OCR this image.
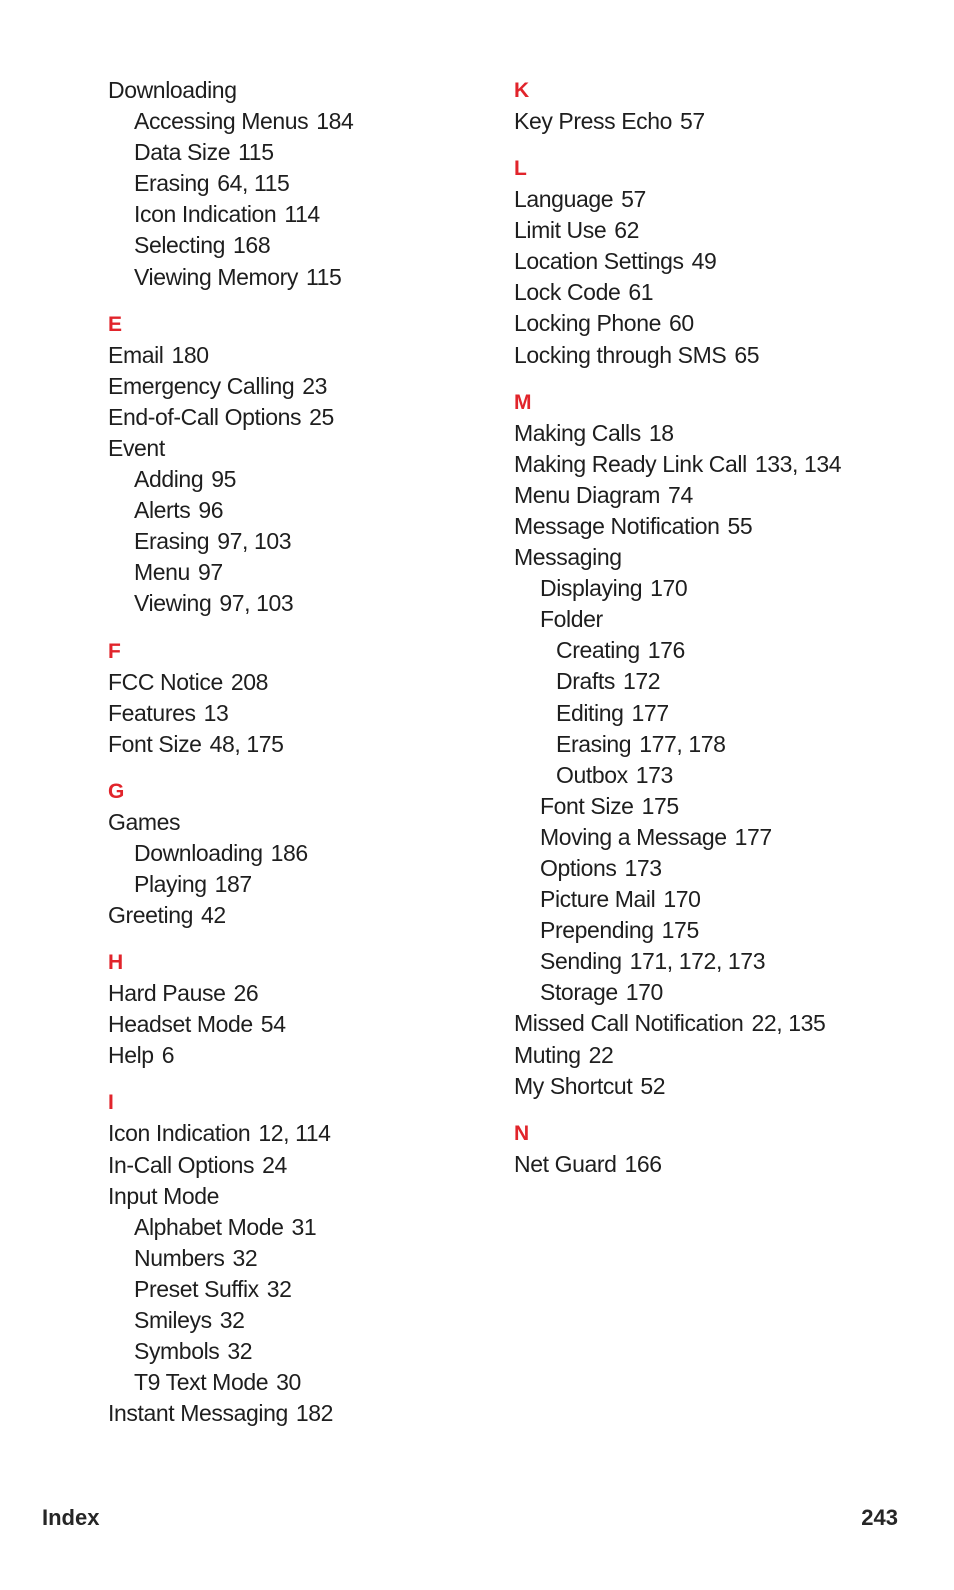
Downloading
Accessing Menus 184
Data Size 115
Erasing 64, 115
Icon Indication 114
Selecting 168
Viewing Memory 115
E
Email 180
Emergency Calling 23
End-of-Call Options 25
Event
Adding 95
Alerts 96
Erasing 97, 103
Menu 97
Viewing 97, 103
F
FCC Notice 208
Features 13
Font Size 48, 175
G
Games
Downloading 186
Playing 187
Greeting 42
H
Hard Pause 26
Headset Mode 54
Help 6
I
Icon Indication 12, 114
In-Call Options 24
Input Mode
Alphabet Mode 31
Numbers 32
Preset Suffix 32
Smileys 32
Symbols 32
T9 Text Mode 30
Instant Messaging 182
K
Key Press Echo 57
L
Language 57
Limit Use 62
Location Settings 49
Lock Code 61
Locking Phone 60
Locking through SMS 65
M
Making Calls 18
Making Ready Link Call 133, 134
Menu Diagram 74
Message Notification 55
Messaging
Displaying 170
Folder
Creating 176
Drafts 172
Editing 177
Erasing 177, 178
Outbox 173
Font Size 175
Moving a Message 177
Options 173
Picture Mail 170
Prepending 175
Sending 171, 172, 173
Storage 170
Missed Call Notification 22, 135
Muting 22
My Shortcut 52
N
Net Guard 166
Index	243
